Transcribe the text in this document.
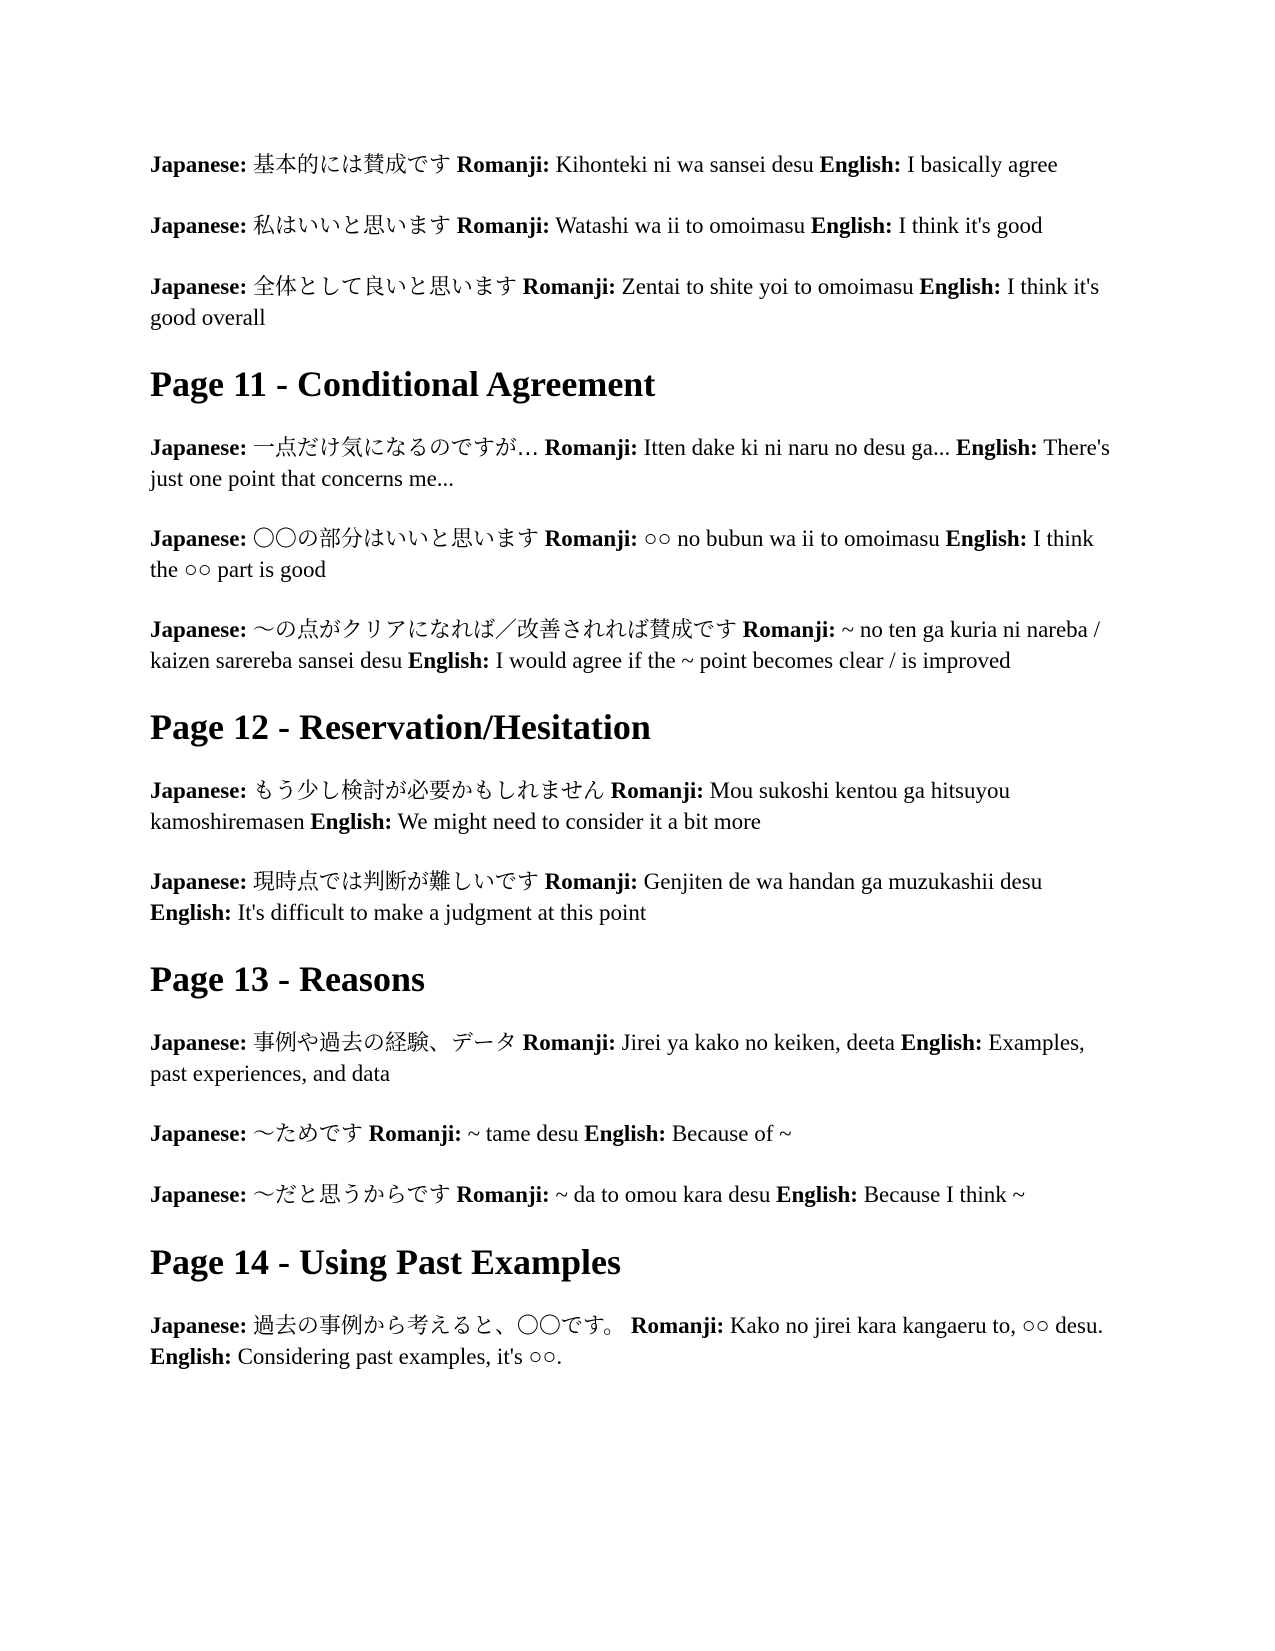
Japanese: 基本的には賛成です Romanji: Kihonteki ni wa sansei desu English: I basically agree

Japanese: 私はいいと思います Romanji: Watashi wa ii to omoimasu English: I think it's good

Japanese: 全体として良いと思います Romanji: Zentai to shite yoi to omoimasu English: I think it's good overall

Page 11 - Conditional Agreement

Japanese: 一点だけ気になるのですが… Romanji: Itten dake ki ni naru no desu ga... English: There's just one point that concerns me...

Japanese: 〇〇の部分はいいと思います Romanji: ○○ no bubun wa ii to omoimasu English: I think the ○○ part is good

Japanese: 〜の点がクリアになれば／改善されれば賛成です Romanji: ~ no ten ga kuria ni nareba / kaizen sarereba sansei desu English: I would agree if the ~ point becomes clear / is improved

Page 12 - Reservation/Hesitation

Japanese: もう少し検討が必要かもしれません Romanji: Mou sukoshi kentou ga hitsuyou kamoshiremasen English: We might need to consider it a bit more

Japanese: 現時点では判断が難しいです Romanji: Genjiten de wa handan ga muzukashii desu English: It's difficult to make a judgment at this point

Page 13 - Reasons

Japanese: 事例や過去の経験、データ Romanji: Jirei ya kako no keiken, deeta English: Examples, past experiences, and data

Japanese: 〜ためです Romanji: ~ tame desu English: Because of ~

Japanese: 〜だと思うからです Romanji: ~ da to omou kara desu English: Because I think ~

Page 14 - Using Past Examples

Japanese: 過去の事例から考えると、〇〇です。 Romanji: Kako no jirei kara kangaeru to, ○○ desu. English: Considering past examples, it's ○○.
